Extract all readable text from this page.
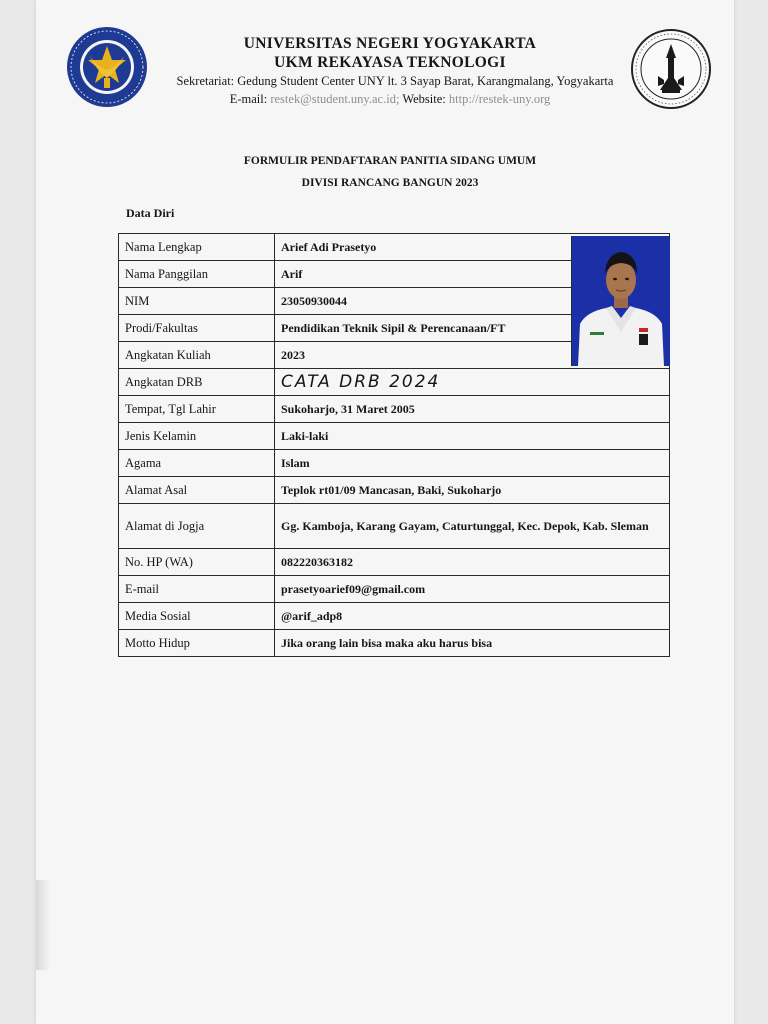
UNIVERSITAS NEGERI YOGYAKARTA
UKM REKAYASA TEKNOLOGI
Sekretariat: Gedung Student Center UNY lt. 3 Sayap Barat, Karangmalang, Yogyakarta
E-mail: restek@student.uny.ac.id; Website: http://restek-uny.org
FORMULIR PENDAFTARAN PANITIA SIDANG UMUM
DIVISI RANCANG BANGUN 2023
Data Diri
Nama Lengkap	Arief Adi Prasetyo
Nama Panggilan	Arif
NIM	23050930044
Prodi/Fakultas	Pendidikan Teknik Sipil & Perencanaan/FT
Angkatan Kuliah	2023
Angkatan DRB	CATA DRB 2024
Tempat, Tgl Lahir	Sukoharjo, 31 Maret 2005
Jenis Kelamin	Laki-laki
Agama	Islam
Alamat Asal	Teplok rt01/09 Mancasan, Baki, Sukoharjo
Alamat di Jogja	Gg. Kamboja, Karang Gayam, Caturtunggal, Kec. Depok, Kab. Sleman
No. HP (WA)	082220363182
E-mail	prasetyoarief09@gmail.com
Media Sosial	@arif_adp8
Motto Hidup	Jika orang lain bisa maka aku harus bisa
